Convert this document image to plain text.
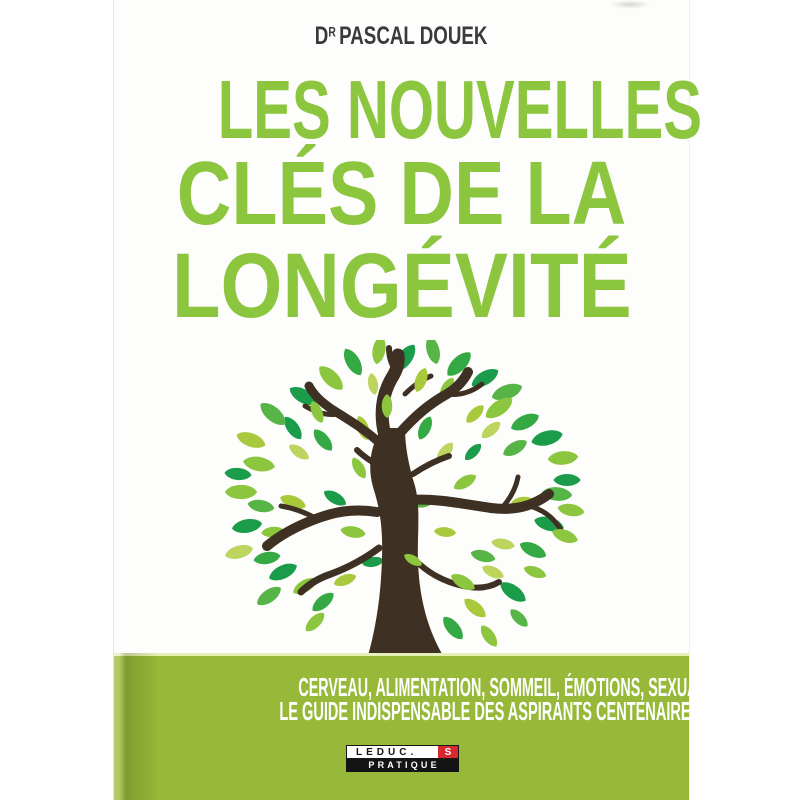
$D^R$ PASCAL DOUEK
LES NOUVELLES
CLÉS DE LA
LONGÉVITÉ
CERVEAU, ALIMENTATION, SOMMEIL, ÉMOTIONS, SEXUALITÉ... :
LE GUIDE INDISPENSABLE DES ASPIRANTS CENTENAIRES
LEDUC.	S
PRATIQUE
